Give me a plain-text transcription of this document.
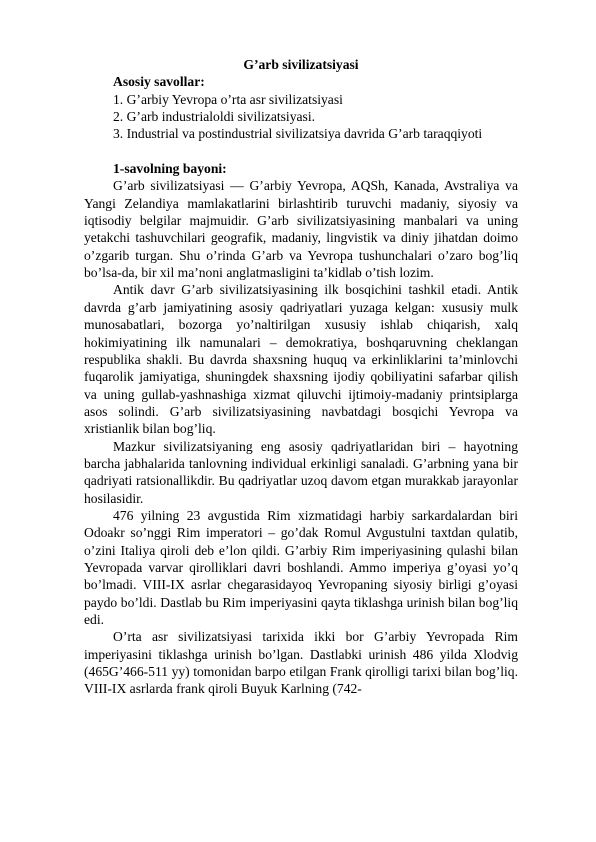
G’arb sivilizatsiyasi

Asosiy savollar:

1. G’arbiy Yevropa o’rta asr sivilizatsiyasi

2. G’arb industrialoldi sivilizatsiyasi.

3. Industrial va postindustrial sivilizatsiya davrida G’arb taraqqiyoti

1-savolning bayoni:

G’arb sivilizatsiyasi — G’arbiy Yevropa, AQSh, Kanada, Avstraliya va Yangi Zelandiya mamlakatlarini birlashtirib turuvchi madaniy, siyosiy va iqtisodiy belgilar majmuidir. G’arb sivilizatsiyasining manbalari va uning yetakchi tashuvchilari geografik, madaniy, lingvistik va diniy jihatdan doimo o’zgarib turgan. Shu o’rinda G’arb va Yevropa tushunchalari o’zaro bog’liq bo’lsa-da, bir xil ma’noni anglatmasligini ta’kidlab o’tish lozim.

Antik davr G’arb sivilizatsiyasining ilk bosqichini tashkil etadi. Antik davrda g’arb jamiyatining asosiy qadriyatlari yuzaga kelgan: xususiy mulk munosabatlari, bozorga yo’naltirilgan xususiy ishlab chiqarish, xalq hokimiyatining ilk namunalari – demokratiya, boshqaruvning cheklangan respublika shakli. Bu davrda shaxsning huquq va erkinliklarini ta’minlovchi fuqarolik jamiyatiga, shuningdek shaxsning ijodiy qobiliyatini safarbar qilish va uning gullab-yashnashiga xizmat qiluvchi ijtimoiy-madaniy printsiplarga asos solindi. G’arb sivilizatsiyasining navbatdagi bosqichi Yevropa va xristianlik bilan bog’liq.

Mazkur sivilizatsiyaning eng asosiy qadriyatlaridan biri – hayotning barcha jabhalarida tanlovning individual erkinligi sanaladi. G’arbning yana bir qadriyati ratsionallikdir. Bu qadriyatlar uzoq davom etgan murakkab jarayonlar hosilasidir.

476 yilning 23 avgustida Rim xizmatidagi harbiy sarkardalardan biri Odoakr so’nggi Rim imperatori – go’dak Romul Avgustulni taxtdan qulatib, o’zini Italiya qiroli deb e’lon qildi. G’arbiy Rim imperiyasining qulashi bilan Yevropada varvar qirolliklari davri boshlandi. Ammo imperiya g’oyasi yo’q bo’lmadi. VIII-IX asrlar chegarasidayoq Yevropaning siyosiy birligi g’oyasi paydo bo’ldi. Dastlab bu Rim imperiyasini qayta tiklashga urinish bilan bog’liq edi.

O’rta asr sivilizatsiyasi tarixida ikki bor G’arbiy Yevropada Rim imperiyasini tiklashga urinish bo’lgan. Dastlabki urinish 486 yilda Xlodvig (465G’466-511 yy) tomonidan barpo etilgan Frank qirolligi tarixi bilan bog’liq. VIII-IX asrlarda frank qiroli Buyuk Karlning (742-
